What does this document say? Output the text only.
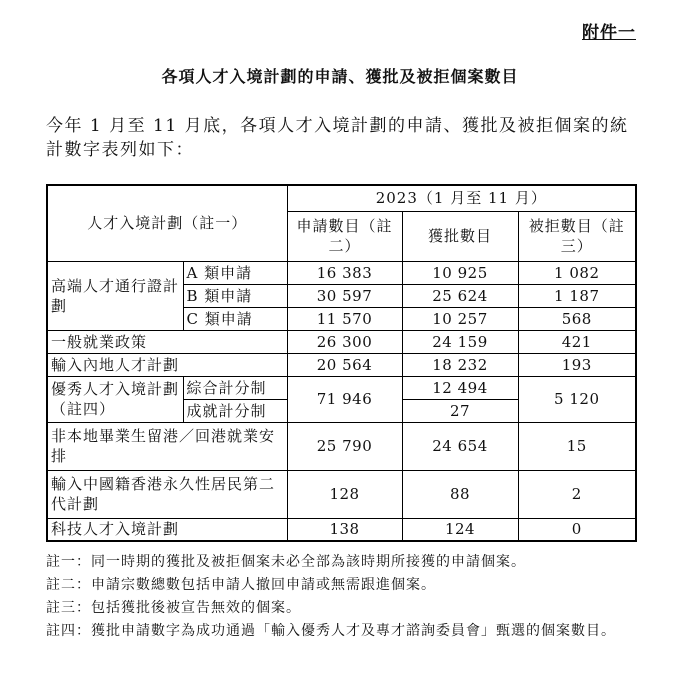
附件一
各項人才入境計劃的申請、獲批及被拒個案數目
今年 1 月至 11 月底，各項人才入境計劃的申請、獲批及被拒個案的統計數字表列如下：
人才入境計劃（註一）		2023（1 月至 11 月）		
		申請數目（註二）	獲批數目	被拒數目（註三）
高端人才通行證計劃	A 類申請	16 383	10 925	1 082
	B 類申請	30 597	25 624	1 187
	C 類申請	11 570	10 257	568
一般就業政策		26 300	24 159	421
輸入內地人才計劃		20 564	18 232	193
優秀人才入境計劃（註四）	綜合計分制	71 946	12 494	5 120
	成就計分制		27	
非本地畢業生留港／回港就業安排		25 790	24 654	15
輸入中國籍香港永久性居民第二代計劃		128	88	2
科技人才入境計劃		138	124	0
註一： 同一時期的獲批及被拒個案未必全部為該時期所接獲的申請個案。
註二： 申請宗數總數包括申請人撤回申請或無需跟進個案。
註三： 包括獲批後被宣告無效的個案。
註四： 獲批申請數字為成功通過「輸入優秀人才及專才諮詢委員會」甄選的個案數目。
